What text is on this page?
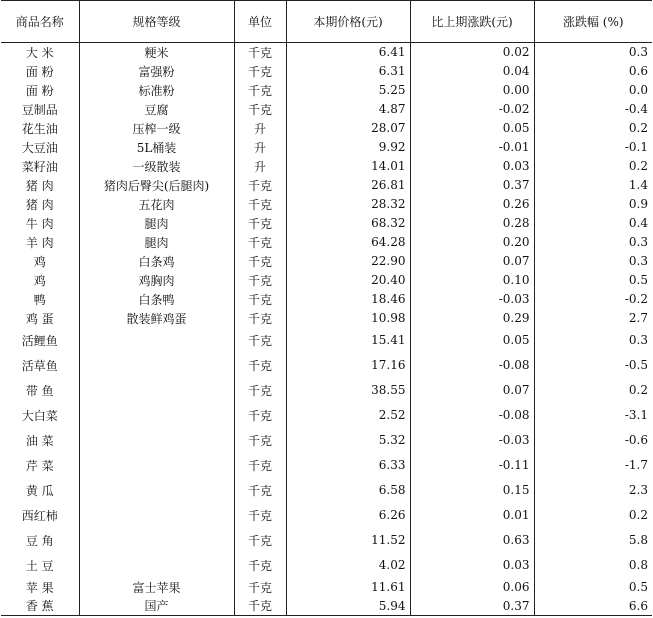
商品名称	规格等级	单位	本期价格(元)	比上期涨跌(元)	涨跌幅 (%)
大 米	粳米	千克	6.41	0.02	0.3
面 粉	富强粉	千克	6.31	0.04	0.6
面 粉	标准粉	千克	5.25	0.00	0.0
豆制品	豆腐	千克	4.87	-0.02	-0.4
花生油	压榨一级	升	28.07	0.05	0.2
大豆油	5L桶装	升	9.92	-0.01	-0.1
菜籽油	一级散装	升	14.01	0.03	0.2
猪 肉	猪肉后臀尖(后腿肉)	千克	26.81	0.37	1.4
猪 肉	五花肉	千克	28.32	0.26	0.9
牛 肉	腿肉	千克	68.32	0.28	0.4
羊 肉	腿肉	千克	64.28	0.20	0.3
鸡	白条鸡	千克	22.90	0.07	0.3
鸡	鸡胸肉	千克	20.40	0.10	0.5
鸭	白条鸭	千克	18.46	-0.03	-0.2
鸡 蛋	散装鲜鸡蛋	千克	10.98	0.29	2.7
活鲤鱼		千克	15.41	0.05	0.3
活草鱼		千克	17.16	-0.08	-0.5
带 鱼		千克	38.55	0.07	0.2
大白菜		千克	2.52	-0.08	-3.1
油 菜		千克	5.32	-0.03	-0.6
芹 菜		千克	6.33	-0.11	-1.7
黄 瓜		千克	6.58	0.15	2.3
西红柿		千克	6.26	0.01	0.2
豆 角		千克	11.52	0.63	5.8
土 豆		千克	4.02	0.03	0.8
苹 果	富士苹果	千克	11.61	0.06	0.5
香 蕉	国产	千克	5.94	0.37	6.6
